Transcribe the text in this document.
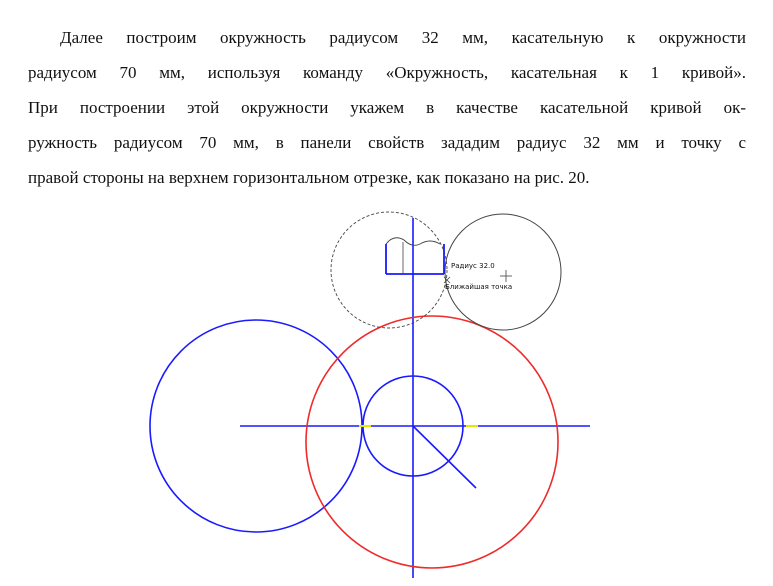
Далее построим окружность радиусом 32 мм, касательную к окружности
радиусом 70 мм, используя команду «Окружность, касательная к 1 кривой».
При построении этой окружности укажем в качестве касательной кривой ок-
ружность радиусом 70 мм, в панели свойств зададим радиус 32 мм и точку с
правой стороны на верхнем горизонтальном отрезке, как показано на рис. 20.
Радиус 32.0
Ближайшая точка
